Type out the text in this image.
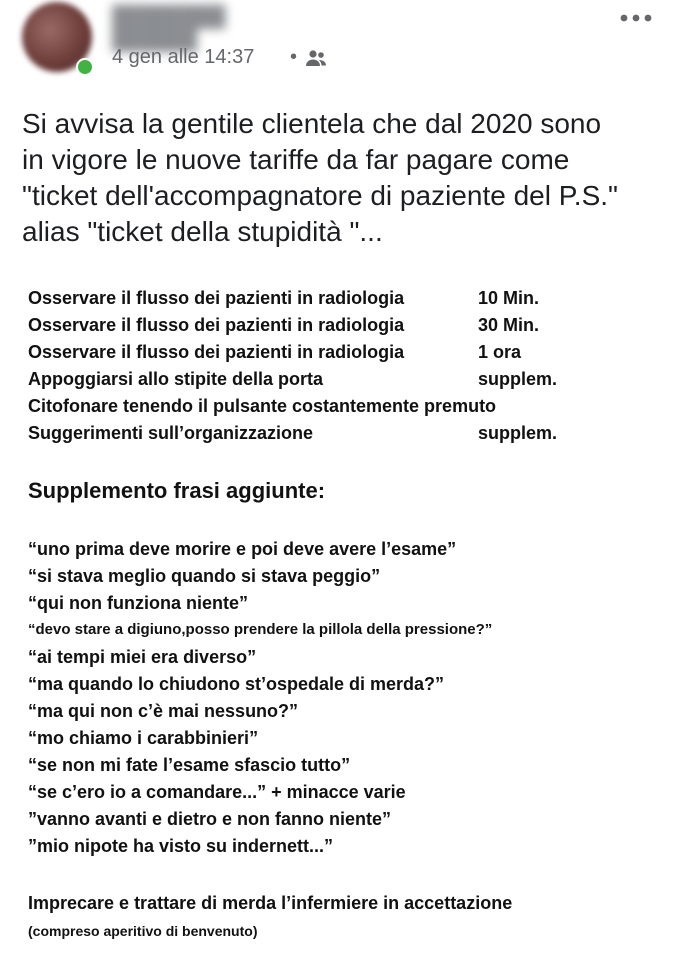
████████ ██████
4 gen alle 14:37 •
Si avvisa la gentile clientela che dal 2020 sono
in vigore le nuove tariffe da far pagare come
"ticket dell'accompagnatore di paziente del P.S."
alias "ticket della stupidità "...
Osservare il flusso dei pazienti in radiologia	10 Min.
Osservare il flusso dei pazienti in radiologia	30 Min.
Osservare il flusso dei pazienti in radiologia	1 ora
Appoggiarsi allo stipite della porta	supplem.
Citofonare tenendo il pulsante costantemente premuto
Suggerimenti sull’organizzazione	supplem.
Supplemento frasi aggiunte:
“uno prima deve morire e poi deve avere l’esame”
“si stava meglio quando si stava peggio”
“qui non funziona niente”
“devo stare a digiuno,posso prendere la pillola della pressione?”
“ai tempi miei era diverso”
“ma quando lo chiudono st’ospedale di merda?”
“ma qui non c’è mai nessuno?”
“mo chiamo i carabbinieri”
“se non mi fate l’esame sfascio tutto”
“se c’ero io a comandare...” + minacce varie
”vanno avanti e dietro e non fanno niente”
”mio nipote ha visto su indernett...”
Imprecare e trattare di merda l’infermiere in accettazione
(compreso aperitivo di benvenuto)
